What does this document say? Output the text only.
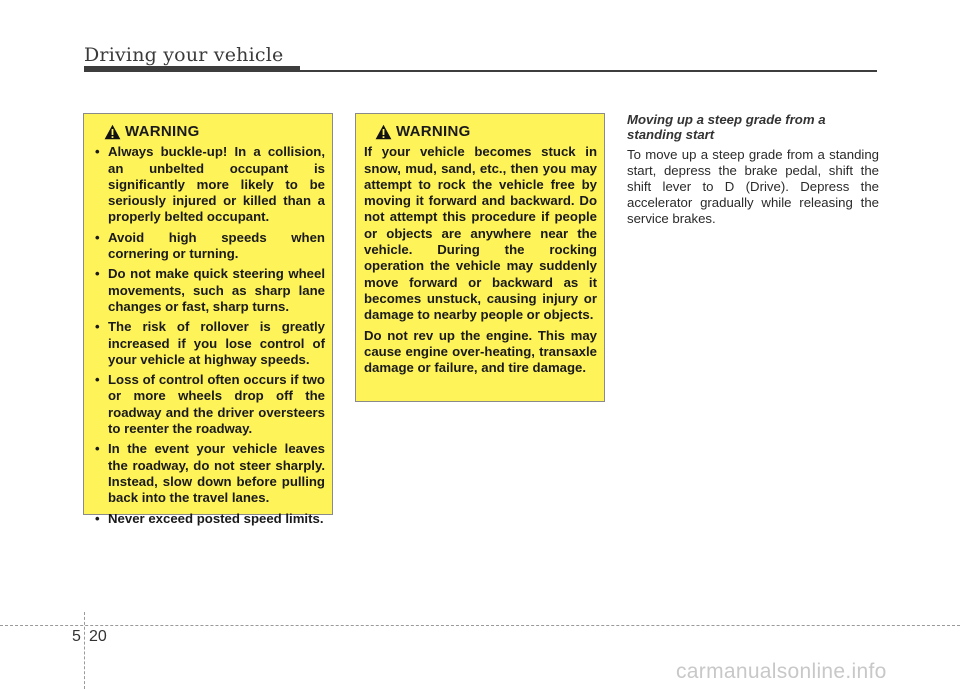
Driving your vehicle
WARNING
• Always buckle-up! In a collision, an unbelted occupant is significantly more likely to be seriously injured or killed than a properly belted occupant.
• Avoid high speeds when cornering or turning.
• Do not make quick steering wheel movements, such as sharp lane changes or fast, sharp turns.
• The risk of rollover is greatly increased if you lose control of your vehicle at highway speeds.
• Loss of control often occurs if two or more wheels drop off the roadway and the driver oversteers to reenter the roadway.
• In the event your vehicle leaves the roadway, do not steer sharply. Instead, slow down before pulling back into the travel lanes.
• Never exceed posted speed limits.
WARNING

If your vehicle becomes stuck in snow, mud, sand, etc., then you may attempt to rock the vehicle free by moving it forward and backward. Do not attempt this procedure if people or objects are anywhere near the vehicle. During the rocking operation the vehicle may suddenly move forward or backward as it becomes unstuck, causing injury or damage to nearby people or objects.

Do not rev up the engine. This may cause engine over-heating, transaxle damage or failure, and tire damage.

Moving up a steep grade from a standing start

To move up a steep grade from a standing start, depress the brake pedal, shift the shift lever to D (Drive). Depress the accelerator gradually while releasing the service brakes.

5 20
carmanualsonline.info
